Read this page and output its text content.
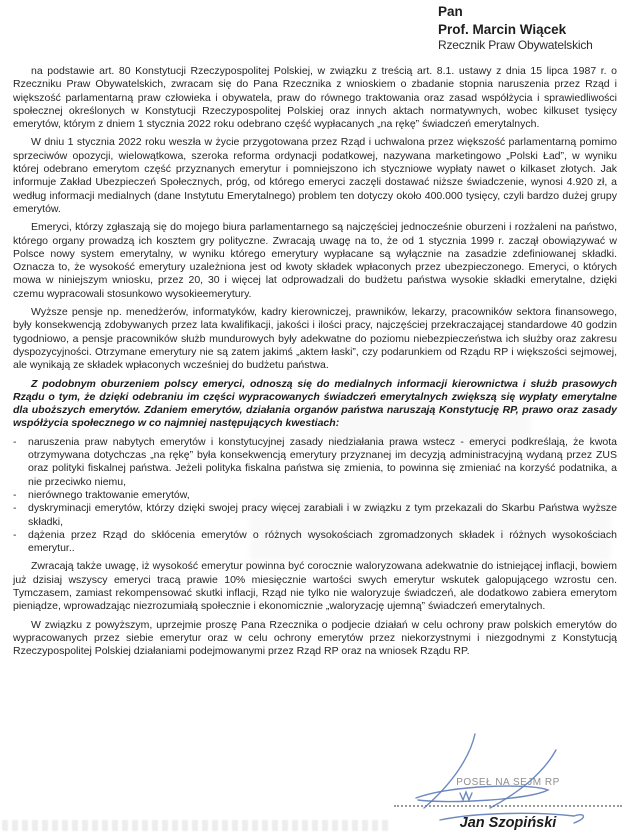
Pan
Prof. Marcin Wiącek
Rzecznik Praw Obywatelskich

na podstawie art. 80 Konstytucji Rzeczypospolitej Polskiej, w związku z treścią art. 8.1. ustawy z dnia 15 lipca 1987 r. o Rzeczniku Praw Obywatelskich, zwracam się do Pana Rzecznika z wnioskiem o zbadanie stopnia naruszenia przez Rząd i większość parlamentarną praw człowieka i obywatela, praw do równego traktowania oraz zasad współżycia i sprawiedliwości społecznej określonych w Konstytucji Rzeczypospolitej Polskiej oraz innych aktach normatywnych, wobec kilkuset tysięcy emerytów, którym z dniem 1 stycznia 2022 roku odebrano część wypłacanych „na rękę” świadczeń emerytalnych.

W dniu 1 stycznia 2022 roku weszła w życie przygotowana przez Rząd i uchwalona przez większość parlamentarną pomimo sprzeciwów opozycji, wielowątkowa, szeroka reforma ordynacji podatkowej, nazywana marketingowo „Polski Ład”, w wyniku której odebrano emerytom część przyznanych emerytur i pomniejszono ich styczniowe wypłaty nawet o kilkaset złotych. Jak informuje Zakład Ubezpieczeń Społecznych, próg, od którego emeryci zaczęli dostawać niższe świadczenie, wynosi 4.920 zł, a według informacji medialnych (dane Instytutu Emerytalnego) problem ten dotyczy około 400.000 tysięcy, czyli bardzo dużej grupy emerytów.

Emeryci, którzy zgłaszają się do mojego biura parlamentarnego są najczęściej jednocześnie oburzeni i rozżaleni na państwo, którego organy prowadzą ich kosztem gry polityczne. Zwracają uwagę na to, że od 1 stycznia 1999 r. zaczął obowiązywać w Polsce nowy system emerytalny, w wyniku którego emerytury wypłacane są wyłącznie na zasadzie zdefiniowanej składki. Oznacza to, że wysokość emerytury uzależniona jest od kwoty składek wpłaconych przez ubezpieczonego. Emeryci, o których mowa w niniejszym wniosku, przez 20, 30 i więcej lat odprowadzali do budżetu państwa wysokie składki emerytalne, dzięki czemu wypracowali stosunkowo wysokieemerytury.

Wyższe pensje np. menedżerów, informatyków, kadry kierowniczej, prawników, lekarzy, pracowników sektora finansowego, były konsekwencją zdobywanych przez lata kwalifikacji, jakości i ilości pracy, najczęściej przekraczającej standardowe 40 godzin tygodniowo, a pensje pracowników służb mundurowych były adekwatne do poziomu niebezpieczeństwa ich służby oraz zakresu dyspozycyjności. Otrzymane emerytury nie są zatem jakimś „aktem łaski”, czy podarunkiem od Rządu RP i większości sejmowej, ale wynikają ze składek wpłaconych wcześniej do budżetu państwa.

Z podobnym oburzeniem polscy emeryci, odnoszą się do medialnych informacji kierownictwa i służb prasowych Rządu o tym, że dzięki odebraniu im części wypracowanych świadczeń emerytalnych zwiększą się wypłaty emerytalne dla uboższych emerytów. Zdaniem emerytów, działania organów państwa naruszają Konstytucję RP, prawo oraz zasady współżycia społecznego w co najmniej następujących kwestiach:

-	naruszenia praw nabytych emerytów i konstytucyjnej zasady niedziałania prawa wstecz - emeryci podkreślają, że kwota otrzymywana dotychczas „na rękę” była konsekwencją emerytury przyznanej im decyzją administracyjną wydaną przez ZUS oraz polityki fiskalnej państwa. Jeżeli polityka fiskalna państwa się zmienia, to powinna się zmieniać na korzyść podatnika, a nie przeciwko niemu,
-	nierównego traktowanie emerytów,
-	dyskryminacji emerytów, którzy dzięki swojej pracy więcej zarabiali i w związku z tym przekazali do Skarbu Państwa wyższe składki,
-	dążenia przez Rząd do skłócenia emerytów o różnych wysokościach zgromadzonych składek i różnych wysokościach emerytur..

Zwracają także uwagę, iż wysokość emerytur powinna być corocznie waloryzowana adekwatnie do istniejącej inflacji, bowiem już dzisiaj wszyscy emeryci tracą prawie 10% miesięcznie wartości swych emerytur wskutek galopującego wzrostu cen. Tymczasem, zamiast rekompensować skutki inflacji, Rząd nie tylko nie waloryzuje świadczeń, ale dodatkowo zabiera emerytom pieniądze, wprowadzając niezrozumiałą społecznie i ekonomicznie „waloryzację ujemną” świadczeń emerytalnych.

W związku z powyższym, uprzejmie proszę Pana Rzecznika o podjecie działań w celu ochrony praw polskich emerytów do wypracowanych przez siebie emerytur oraz w celu ochrony emerytów przez niekorzystnymi i niezgodnymi z Konstytucją Rzeczypospolitej Polskiej działaniami podejmowanymi przez Rząd RP oraz na wniosek Rządu RP.

POSEŁ NA SEJM RP
Jan Szopiński
